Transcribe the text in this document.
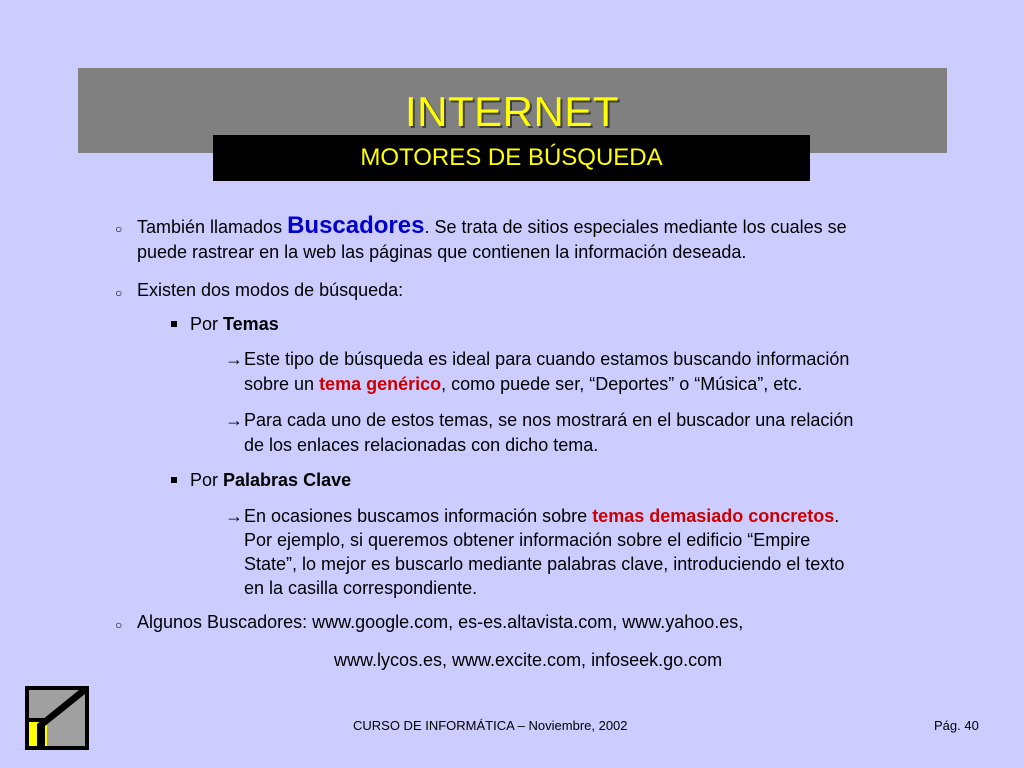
INTERNET
MOTORES DE BÚSQUEDA
○ También llamados Buscadores. Se trata de sitios especiales mediante los cuales se
puede rastrear en la web las páginas que contienen la información deseada.
○ Existen dos modos de búsqueda:
Por Temas
→ Este tipo de búsqueda es ideal para cuando estamos buscando información
sobre un tema genérico, como puede ser, “Deportes” o “Música”, etc.
→ Para cada uno de estos temas, se nos mostrará en el buscador una relación
de los enlaces relacionadas con dicho tema.
Por Palabras Clave
→ En ocasiones buscamos información sobre temas demasiado concretos.
Por ejemplo, si queremos obtener información sobre el edificio “Empire
State”, lo mejor es buscarlo mediante palabras clave, introduciendo el texto
en la casilla correspondiente.
○ Algunos Buscadores: www.google.com, es-es.altavista.com, www.yahoo.es,
www.lycos.es, www.excite.com, infoseek.go.com
CURSO DE INFORMÁTICA – Noviembre, 2002	Pág. 40
